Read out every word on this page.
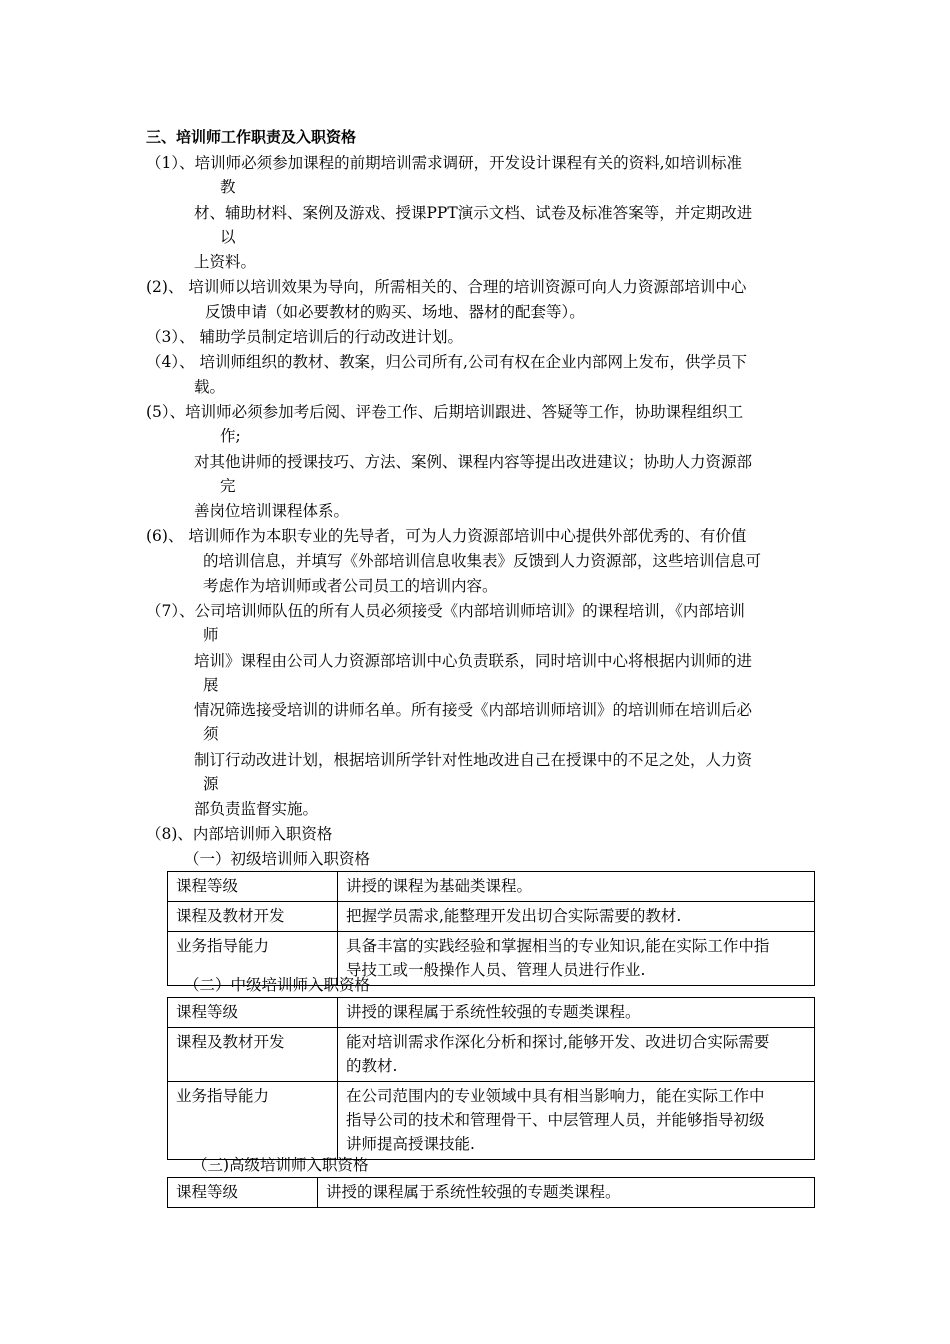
三、培训师工作职责及入职资格
（1）、培训师必须参加课程的前期培训需求调研，开发设计课程有关的资料,如培训标准
教
材、辅助材料、案例及游戏、授课PPT演示文档、试卷及标准答案等，并定期改进
以
上资料。
(2)、 培训师以培训效果为导向，所需相关的、合理的培训资源可向人力资源部培训中心
反馈申请（如必要教材的购买、场地、器材的配套等）。
（3）、 辅助学员制定培训后的行动改进计划。
（4）、 培训师组织的教材、教案，归公司所有,公司有权在企业内部网上发布，供学员下
载。
(5）、培训师必须参加考后阅、评卷工作、后期培训跟进、答疑等工作，协助课程组织工
作;
对其他讲师的授课技巧、方法、案例、课程内容等提出改进建议；协助人力资源部
完
善岗位培训课程体系。
(6)、 培训师作为本职专业的先导者，可为人力资源部培训中心提供外部优秀的、有价值
的培训信息，并填写《外部培训信息收集表》反馈到人力资源部，这些培训信息可
考虑作为培训师或者公司员工的培训内容。
（7）、公司培训师队伍的所有人员必须接受《内部培训师培训》的课程培训，《内部培训
师
培训》课程由公司人力资源部培训中心负责联系，同时培训中心将根据内训师的进
展
情况筛选接受培训的讲师名单。所有接受《内部培训师培训》的培训师在培训后必
须
制订行动改进计划，根据培训所学针对性地改进自己在授课中的不足之处，人力资
源
部负责监督实施。
（8)、内部培训师入职资格
（一）初级培训师入职资格
课程等级	讲授的课程为基础类课程。
课程及教材开发	把握学员需求,能整理开发出切合实际需要的教材.
业务指导能力	具备丰富的实践经验和掌握相当的专业知识,能在实际工作中指
导技工或一般操作人员、管理人员进行作业.
（二）中级培训师入职资格
课程等级	讲授的课程属于系统性较强的专题类课程。
课程及教材开发	能对培训需求作深化分析和探讨,能够开发、改进切合实际需要
的教材.

业务指导能力	在公司范围内的专业领域中具有相当影响力，能在实际工作中
指导公司的技术和管理骨干、中层管理人员，并能够指导初级
讲师提高授课技能.
（三)高级培训师入职资格
课程等级	讲授的课程属于系统性较强的专题类课程。
